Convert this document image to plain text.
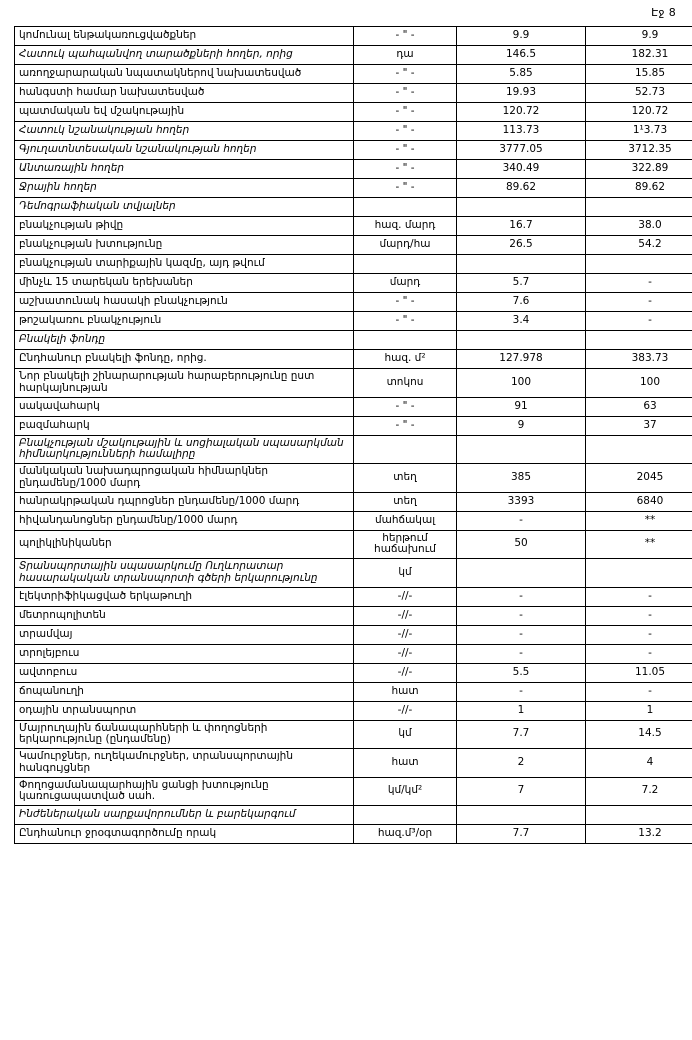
Էջ 8
կոմունալ ենթակառուցվածքներ	- " -	9.9	9.9
Հատուկ պահպանվող տարածքների հողեր, որից	դա	146.5	182.31
առողջարարական նպատակներով նախատեսված	- " -	5.85	15.85
հանգստի համար նախատեսված	- " -	19.93	52.73
պատմական եվ մշակութային	- " -	120.72	120.72
Հատուկ նշանակության հողեր	- " -	113.73	1¹3.73
Գյուղատնտեսական նշանակության հողեր	- " -	3777.05	3712.35
Անտառային հողեր	- " -	340.49	322.89
Ջրային հողեր	- " -	89.62	89.62
Դեմոգրաֆիական տվյալներ			
բնակչության թիվը	հազ. մարդ	16.7	38.0
բնակչության խտությունը	մարդ/հա	26.5	54.2
բնակչության տարիքային կազմը, այդ թվում			
մինչև 15 տարեկան երեխաներ	մարդ	5.7	-
աշխատունակ հասակի բնակչություն	- " -	7.6	-
թոշակառու բնակչություն	- " -	3.4	-
Բնակելի ֆոնդը			
Ընդհանուր բնակելի ֆոնդը, որից.	հազ. մ²	127.978	383.73
Նոր բնակելի շինարարության հարաբերությունը ըստ հարկայնության	տոկոս	100	100
սակավահարկ	- " -	91	63
բազմահարկ	- " -	9	37
Բնակչության մշակութային և սոցիալական սպասարկման հիմնարկությունների համալիրը			
մանկական նախադպրոցական հիմնարկներ ընդամենը/1000 մարդ	տեղ	385	2045
հանրակրթական դպրոցներ ընդամենը/1000 մարդ	տեղ	3393	6840
հիվանդանոցներ ընդամենը/1000 մարդ	մահճակալ	-	**
պոլիկլինիկաներ	հերթում հաճախում	50	**
Տրանսպորտային սպասարկումը Ուղևորատար հասարակական տրանսպորտի գծերի երկարությունը	կմ		
էլեկտրիֆիկացված երկաթուղի	-//-	-	-
մետրոպոլիտեն	-//-	-	-
տրամվայ	-//-	-	-
տրոլեյբուս	-//-	-	-
ավտոբուս	-//-	5.5	11.05
ճոպանուղի	հատ	-	-
օդային տրանսպորտ	-//-	1	1
Մայրուղային ճանապարհների և փողոցների երկարությունը (ընդամենը)	կմ	7.7	14.5
Կամուրջներ, ուղեկամուրջներ, տրանսպորտային հանգույցներ	հատ	2	4
Փողոցամանապարհային ցանցի խտությունը կառուցապատված սահ.	կմ/կմ²	7	7.2
Ինժեներական սարքավորումներ և բարեկարգում			
Ընդհանուր ջրօգտագործումը որակ	հազ.մ³/օր	7.7	13.2
